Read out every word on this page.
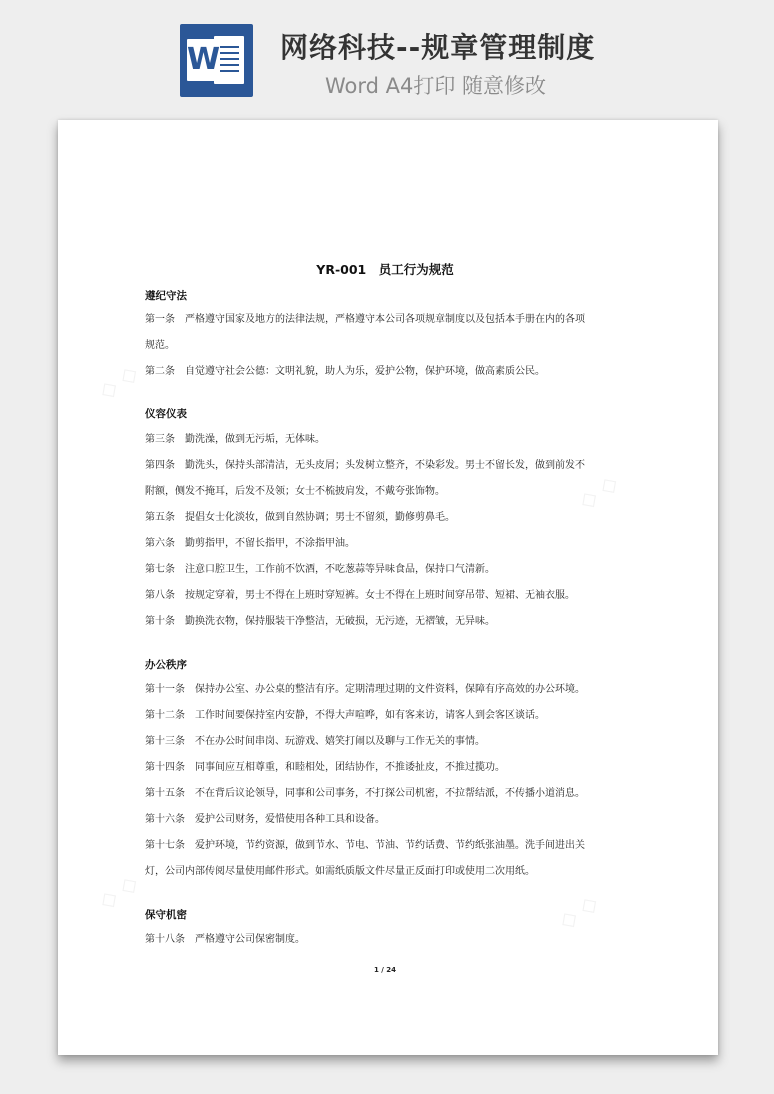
W 网络科技--规章管理制度
Word A4打印 随意修改
◇ ◇
◇ ◇
◇ ◇	◇ ◇
YR-001　员工行为规范
遵纪守法
第一条　严格遵守国家及地方的法律法规，严格遵守本公司各项规章制度以及包括本手册在内的各项
规范。
第二条　自觉遵守社会公德：文明礼貌，助人为乐，爱护公物，保护环境，做高素质公民。
仪容仪表
第三条　勤洗澡，做到无污垢，无体味。
第四条　勤洗头，保持头部清洁，无头皮屑；头发树立整齐，不染彩发。男士不留长发，做到前发不
附额，侧发不掩耳，后发不及领；女士不梳披肩发，不戴夸张饰物。
第五条　提倡女士化淡妆，做到自然协调；男士不留须，勤修剪鼻毛。
第六条　勤剪指甲，不留长指甲，不涂指甲油。
第七条　注意口腔卫生，工作前不饮酒，不吃葱蒜等异味食品，保持口气清新。
第八条　按规定穿着，男士不得在上班时穿短裤。女士不得在上班时间穿吊带、短裙、无袖衣服。
第十条　勤换洗衣物，保持服装干净整洁，无破损，无污迹，无褶皱，无异味。
办公秩序
第十一条　保持办公室、办公桌的整洁有序。定期清理过期的文件资料，保障有序高效的办公环境。
第十二条　工作时间要保持室内安静，不得大声喧哗，如有客来访，请客人到会客区谈话。
第十三条　不在办公时间串岗、玩游戏、嬉笑打闹以及聊与工作无关的事情。
第十四条　同事间应互相尊重，和睦相处，团结协作，不推诿扯皮，不推过揽功。
第十五条　不在背后议论领导，同事和公司事务，不打探公司机密，不拉帮结派，不传播小道消息。
第十六条　爱护公司财务，爱惜使用各种工具和设备。
第十七条　爱护环境，节约资源，做到节水、节电、节油、节约话费、节约纸张油墨。洗手间进出关
灯，公司内部传阅尽量使用邮件形式。如需纸质版文件尽量正反面打印或使用二次用纸。
保守机密
第十八条　严格遵守公司保密制度。
1 / 24
